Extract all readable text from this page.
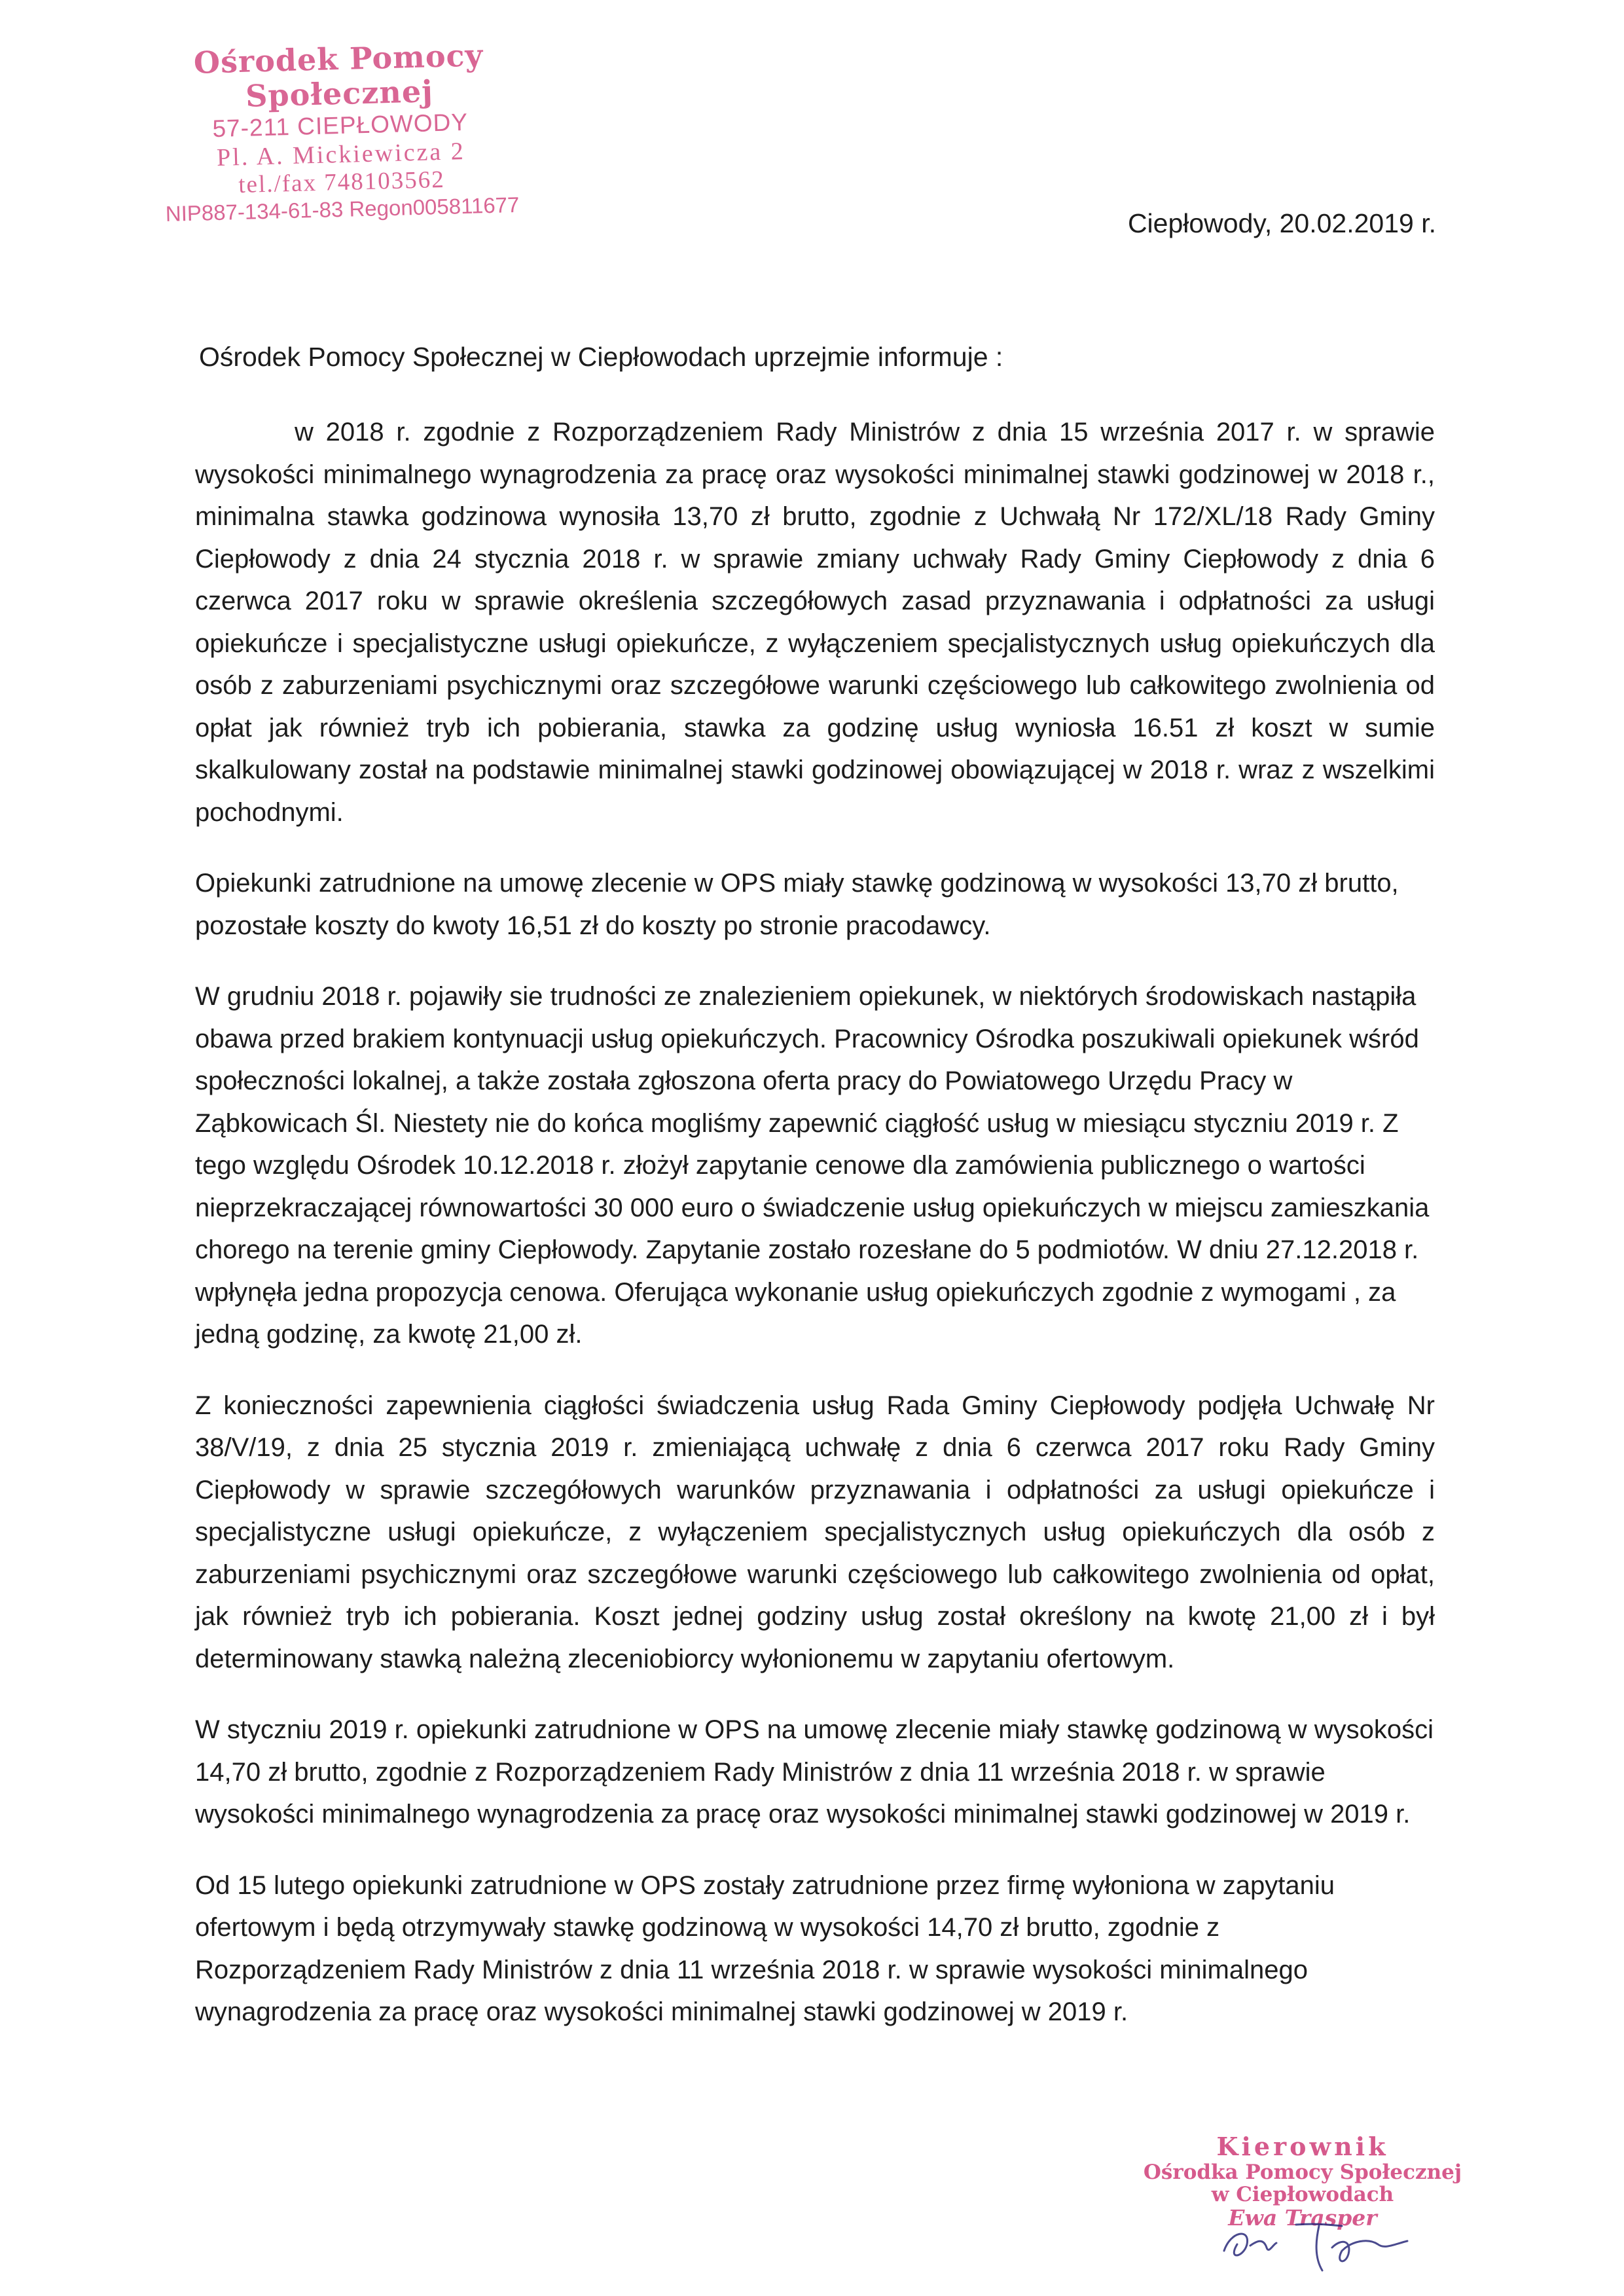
Ośrodek Pomocy Społecznej
57-211 CIEPŁOWODY
Pl. A. Mickiewicza 2
tel./fax 748103562
NIP887-134-61-83 Regon005811677	Ciepłowody, 20.02.2019 r.
Ośrodek Pomocy Społecznej w Ciepłowodach uprzejmie informuje :

w 2018 r. zgodnie z Rozporządzeniem Rady Ministrów z dnia 15 września 2017 r. w sprawie wysokości minimalnego wynagrodzenia za pracę oraz wysokości minimalnej stawki godzinowej w 2018 r., minimalna stawka godzinowa wynosiła 13,70 zł brutto, zgodnie z Uchwałą Nr 172/XL/18 Rady Gminy Ciepłowody z dnia 24 stycznia 2018 r. w sprawie zmiany uchwały Rady Gminy Ciepłowody z dnia 6 czerwca 2017 roku w sprawie określenia szczegółowych zasad przyznawania i odpłatności za usługi opiekuńcze i specjalistyczne usługi opiekuńcze, z wyłączeniem specjalistycznych usług opiekuńczych dla osób z zaburzeniami psychicznymi oraz szczegółowe warunki częściowego lub całkowitego zwolnienia od opłat jak również tryb ich pobierania, stawka za godzinę usług wyniosła 16.51 zł koszt w sumie skalkulowany został na podstawie minimalnej stawki godzinowej obowiązującej w 2018 r. wraz z wszelkimi pochodnymi.

Opiekunki zatrudnione na umowę zlecenie w OPS miały stawkę godzinową w wysokości 13,70 zł brutto, pozostałe koszty do kwoty 16,51 zł do koszty po stronie pracodawcy.

W grudniu 2018 r. pojawiły sie trudności ze znalezieniem opiekunek, w niektórych środowiskach nastąpiła obawa przed brakiem kontynuacji usług opiekuńczych. Pracownicy Ośrodka poszukiwali opiekunek wśród społeczności lokalnej, a także została zgłoszona oferta pracy do Powiatowego Urzędu Pracy w Ząbkowicach Śl. Niestety nie do końca mogliśmy zapewnić ciągłość usług w miesiącu styczniu 2019 r. Z tego względu Ośrodek 10.12.2018 r. złożył zapytanie cenowe dla zamówienia publicznego o wartości nieprzekraczającej równowartości 30 000 euro o świadczenie usług opiekuńczych w miejscu zamieszkania chorego na terenie gminy Ciepłowody. Zapytanie zostało rozesłane do 5 podmiotów. W dniu 27.12.2018 r. wpłynęła jedna propozycja cenowa. Oferująca wykonanie usług opiekuńczych zgodnie z wymogami , za jedną godzinę, za kwotę 21,00 zł.

Z konieczności zapewnienia ciągłości świadczenia usług Rada Gminy Ciepłowody podjęła Uchwałę Nr 38/V/19, z dnia 25 stycznia 2019 r. zmieniającą uchwałę z dnia 6 czerwca 2017 roku Rady Gminy Ciepłowody w sprawie szczegółowych warunków przyznawania i odpłatności za usługi opiekuńcze i specjalistyczne usługi opiekuńcze, z wyłączeniem specjalistycznych usług opiekuńczych dla osób z zaburzeniami psychicznymi oraz szczegółowe warunki częściowego lub całkowitego zwolnienia od opłat, jak również tryb ich pobierania. Koszt jednej godziny usług został określony na kwotę 21,00 zł i był determinowany stawką należną zleceniobiorcy wyłonionemu w zapytaniu ofertowym.

W styczniu 2019 r. opiekunki zatrudnione w OPS na umowę zlecenie miały stawkę godzinową w wysokości 14,70 zł brutto, zgodnie z Rozporządzeniem Rady Ministrów z dnia 11 września 2018 r. w sprawie wysokości minimalnego wynagrodzenia za pracę oraz wysokości minimalnej stawki godzinowej w 2019 r.

Od 15 lutego opiekunki zatrudnione w OPS zostały zatrudnione przez firmę wyłoniona w zapytaniu ofertowym i będą otrzymywały stawkę godzinową w wysokości 14,70 zł brutto, zgodnie z Rozporządzeniem Rady Ministrów z dnia 11 września 2018 r. w sprawie wysokości minimalnego wynagrodzenia za pracę oraz wysokości minimalnej stawki godzinowej w 2019 r.

Kierownik
Ośrodka Pomocy Społecznej
w Ciepłowodach
Ewa Trasper
